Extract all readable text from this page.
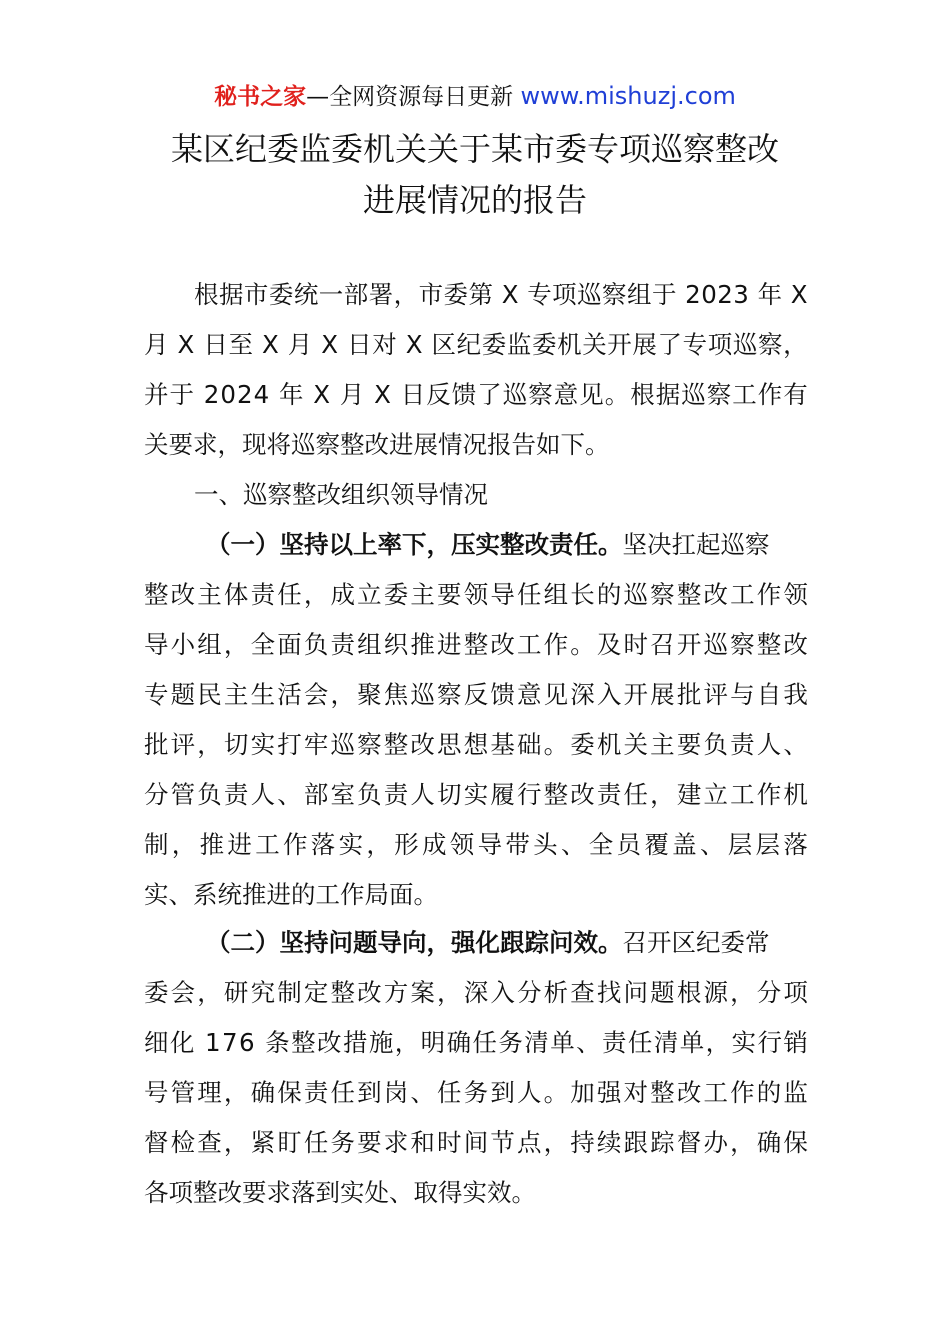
秘书之家—全网资源每日更新 www.mishuzj.com
某区纪委监委机关关于某市委专项巡察整改
进展情况的报告
根 据 市 委 统 一 部 署 ， 市 委 第
X
专 项 巡 察 组 于
2 0 2 3
年
X
月
X
日 至
X
月
X
日 对
X
区 纪 委 监 委 机 关 开 展 了 专 项 巡 察 ，
并 于
2 0 2 4
年
X
月
X
日 反 馈 了 巡 察 意 见 。 根 据 巡 察 工 作 有
关要求，现将巡察整改进展情况报告如下。
一、巡察整改组织领导情况
（一）坚持以上率下，压实整改责任。 坚决扛起巡察
整 改 主 体 责 任 ， 成 立 委 主 要 领 导 任 组 长 的 巡 察 整 改 工 作 领
导 小 组 ， 全 面 负 责 组 织 推 进 整 改 工 作 。 及 时 召 开 巡 察 整 改
专 题 民 主 生 活 会 ， 聚 焦 巡 察 反 馈 意 见 深 入 开 展 批 评 与 自 我
批 评 ， 切 实 打 牢 巡 察 整 改 思 想 基 础 。 委 机 关 主 要 负 责 人 、
分 管 负 责 人 、 部 室 负 责 人 切 实 履 行 整 改 责 任 ， 建 立 工 作 机
制 ， 推 进 工 作 落 实 ， 形 成 领 导 带 头 、 全 员 覆 盖 、 层 层 落
实、系统推进的工作局面。
（二）坚持问题导向，强化跟踪问效。 召开区纪委常
委 会 ， 研 究 制 定 整 改 方 案 ， 深 入 分 析 查 找 问 题 根 源 ， 分 项
细 化
1 7 6
条 整 改 措 施 ， 明 确 任 务 清 单 、 责 任 清 单 ， 实 行 销
号 管 理 ， 确 保 责 任 到 岗 、 任 务 到 人 。 加 强 对 整 改 工 作 的 监
督 检 查 ， 紧 盯 任 务 要 求 和 时 间 节 点 ， 持 续 跟 踪 督 办 ， 确 保
各项整改要求落到实处、取得实效。
